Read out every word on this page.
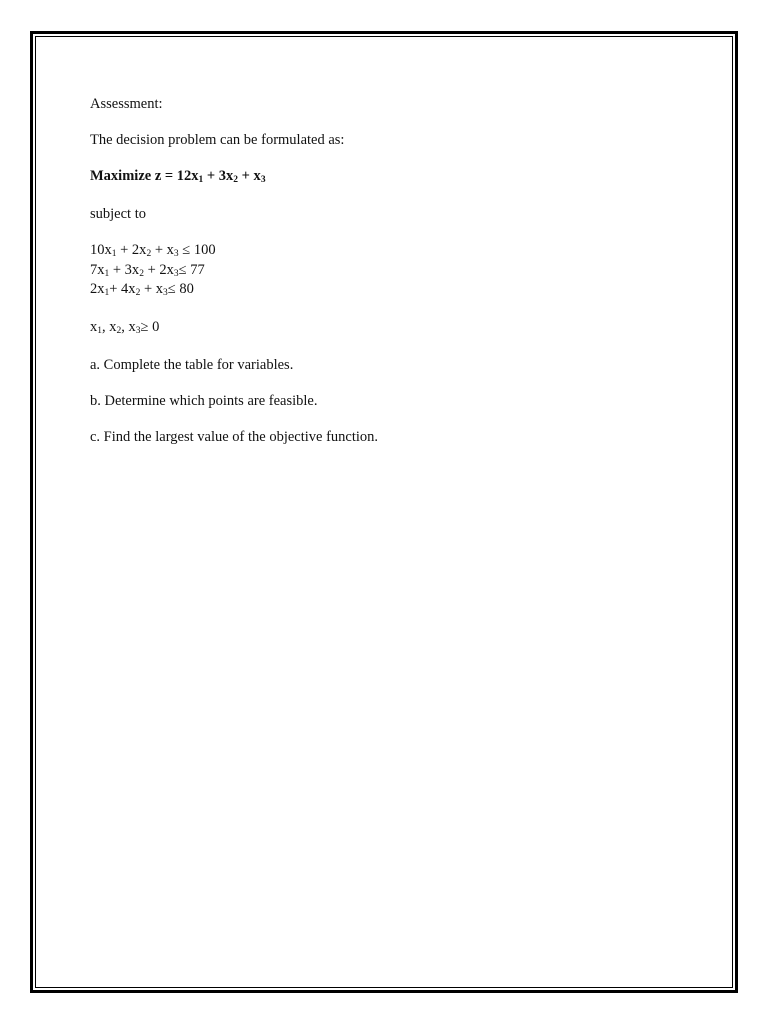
Assessment:

The decision problem can be formulated as:

Maximize $z = 12x_1 + 3x_2 + x_3$

subject to

$10x_1 + 2x_2 + x_3 \le 100$
$7x_1 + 3x_2 + 2x_3\le 77$
$2x_1+ 4x_2 + x_3\le 80$

$x_1$, $x_2$, $x_3\ge 0$

a. Complete the table for variables.

b. Determine which points are feasible.

c. Find the largest value of the objective function.
